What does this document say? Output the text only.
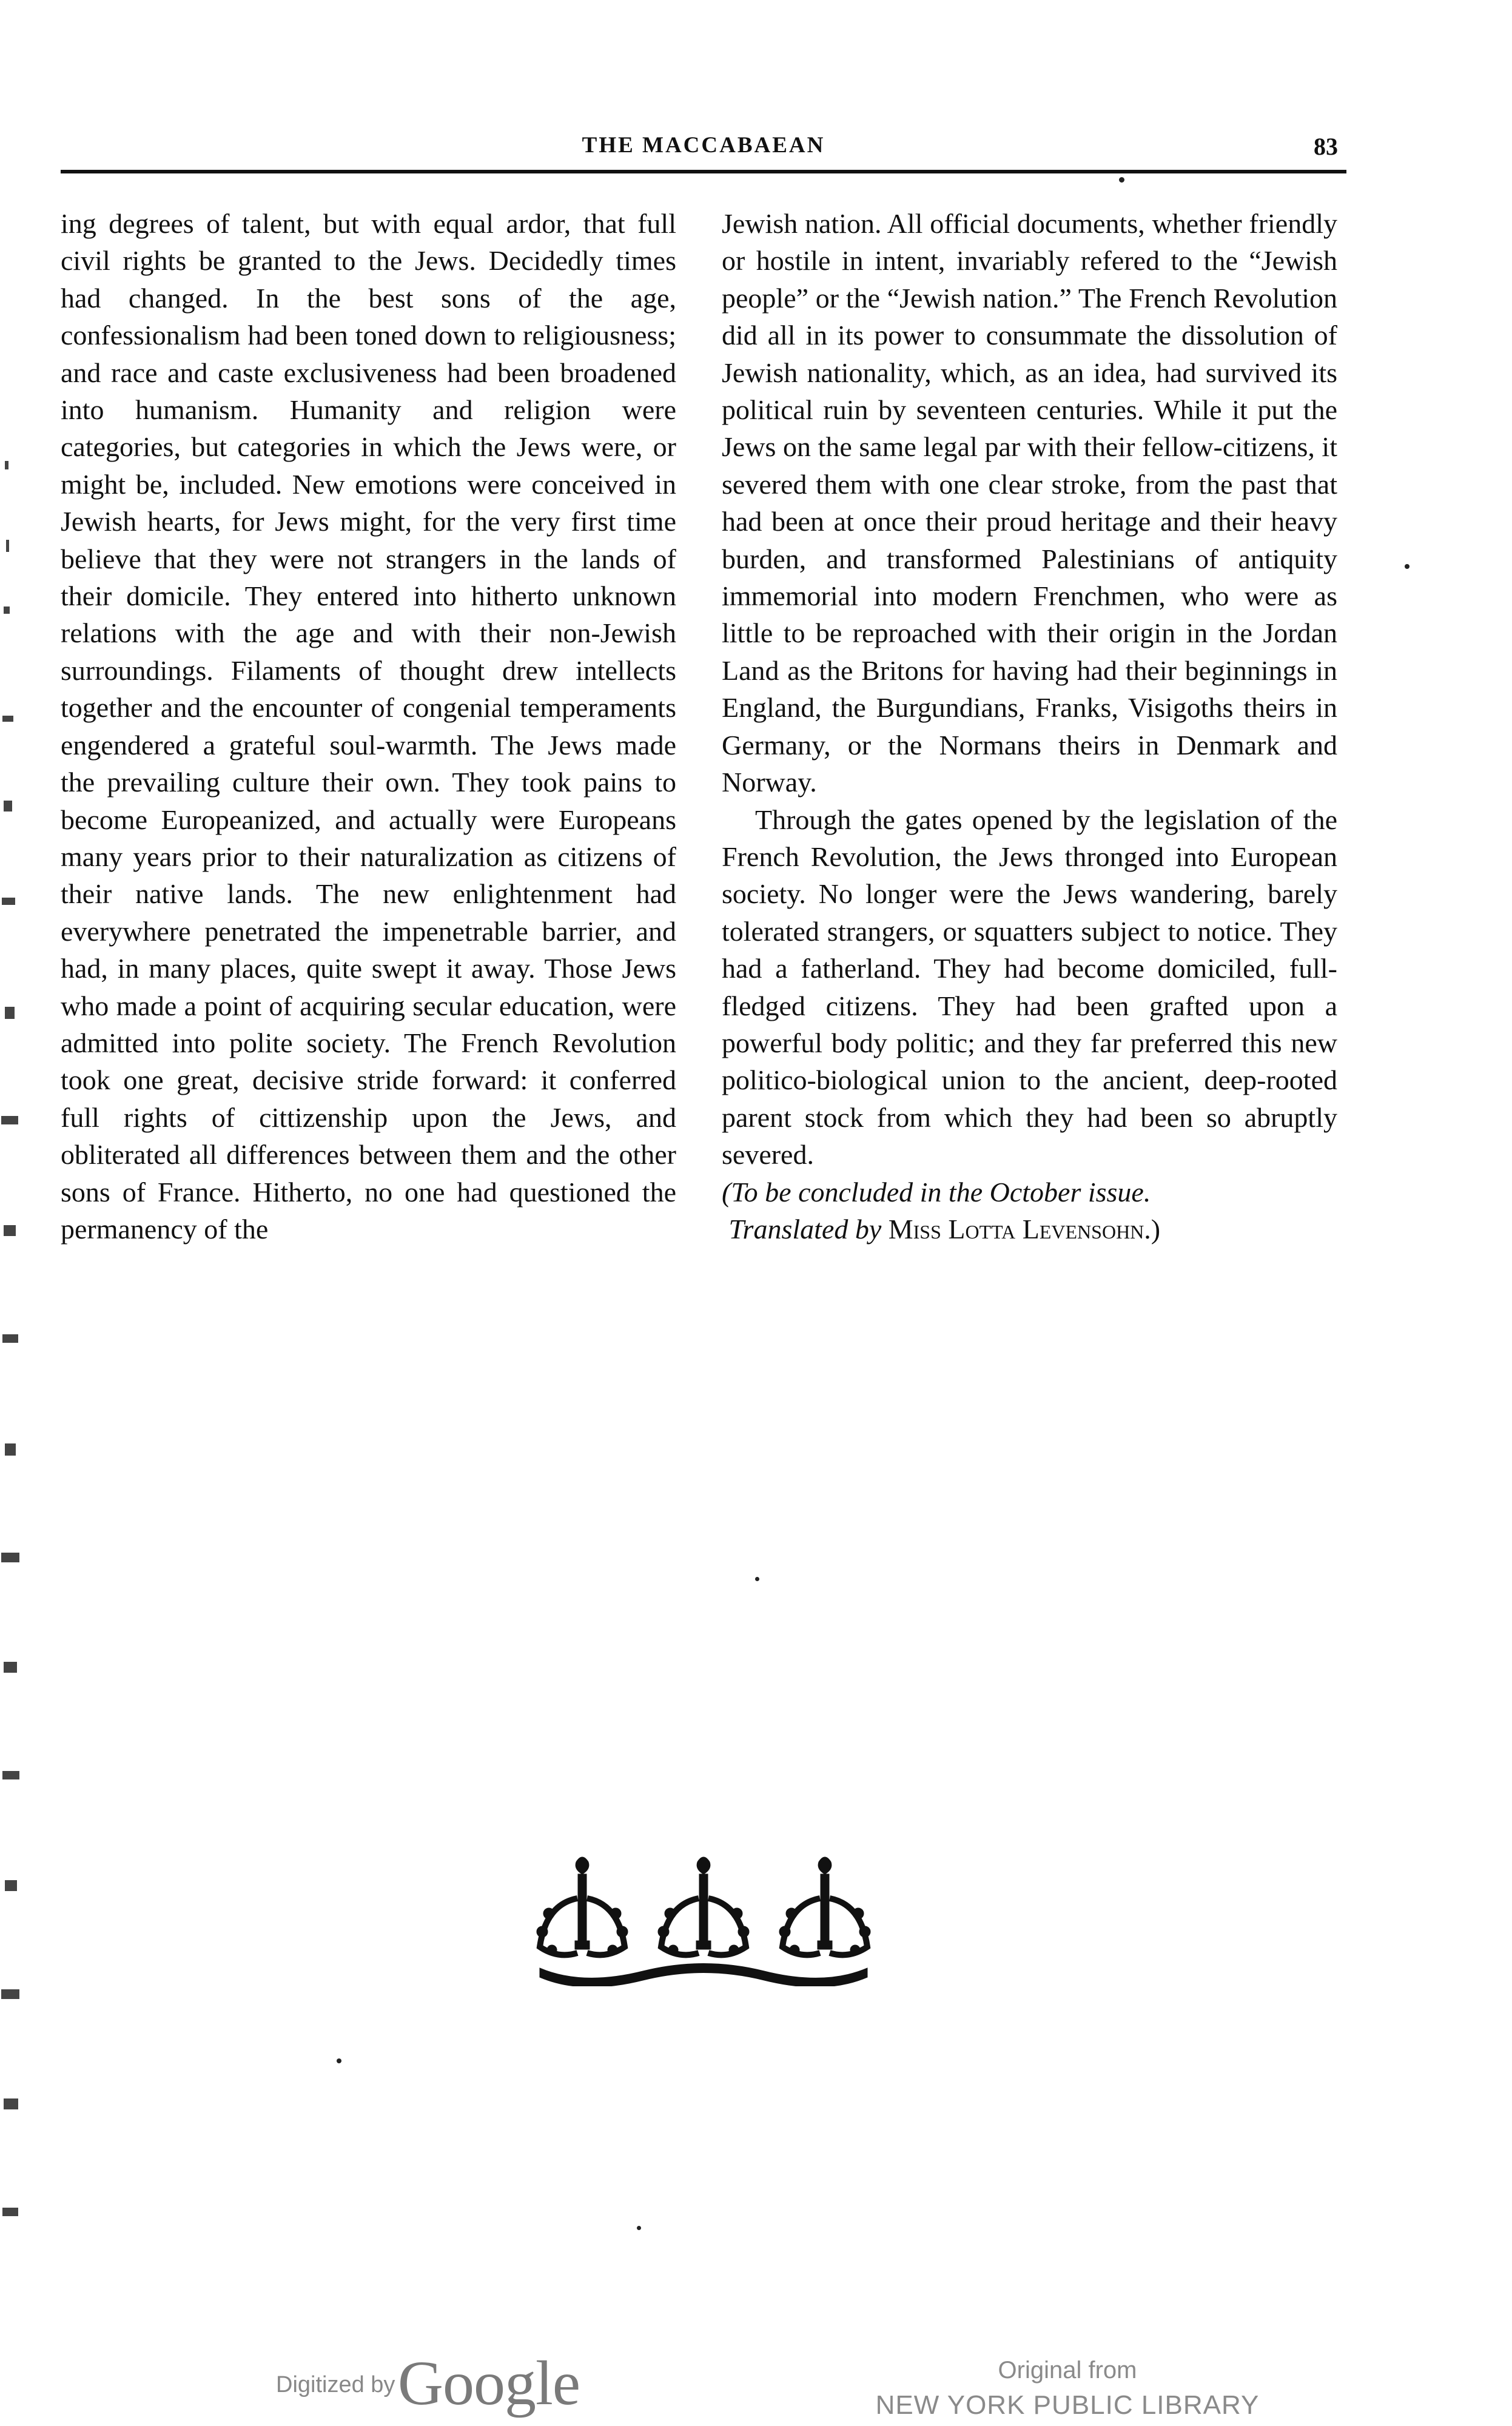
THE MACCABAEAN	83

ing degrees of talent, but with equal ardor, that full civil rights be granted to the Jews. Decidedly times had changed. In the best sons of the age, confessionalism had been toned down to religiousness; and race and caste exclusiveness had been broadened into humanism. Humanity and religion were categories, but categories in which the Jews were, or might be, included. New emotions were conceived in Jewish hearts, for Jews might, for the very first time believe that they were not strangers in the lands of their domicile. They entered into hitherto unknown relations with the age and with their non-Jewish surroundings. Filaments of thought drew intellects together and the encounter of congenial temperaments engendered a grateful soul-warmth. The Jews made the prevailing culture their own. They took pains to become Europeanized, and actually were Europeans many years prior to their naturalization as citizens of their native lands. The new enlightenment had everywhere penetrated the impenetrable barrier, and had, in many places, quite swept it away. Those Jews who made a point of acquiring secular education, were admitted into polite society. The French Revolution took one great, decisive stride forward: it conferred full rights of cittizenship upon the Jews, and obliterated all differences between them and the other sons of France. Hitherto, no one had questioned the permanency of the

Jewish nation. All official documents, whether friendly or hostile in intent, invariably refered to the “Jewish people” or the “Jewish nation.” The French Revolution did all in its power to consummate the dissolution of Jewish nationality, which, as an idea, had survived its political ruin by seventeen centuries. While it put the Jews on the same legal par with their fellow-citizens, it severed them with one clear stroke, from the past that had been at once their proud heritage and their heavy burden, and transformed Palestinians of antiquity immemorial into modern Frenchmen, who were as little to be reproached with their origin in the Jordan Land as the Britons for having had their beginnings in England, the Burgundians, Franks, Visigoths theirs in Germany, or the Normans theirs in Denmark and Norway.

Through the gates opened by the legislation of the French Revolution, the Jews thronged into European society. No longer were the Jews wandering, barely tolerated strangers, or squatters subject to notice. They had a fatherland. They had become domiciled, full-fledged citizens. They had been grafted upon a powerful body politic; and they far preferred this new politico-biological union to the ancient, deep-rooted parent stock from which they had been so abruptly severed.

(To be concluded in the October issue.
Translated by Miss Lotta Levensohn.)

Digitized by Google	Original from
NEW YORK PUBLIC LIBRARY
